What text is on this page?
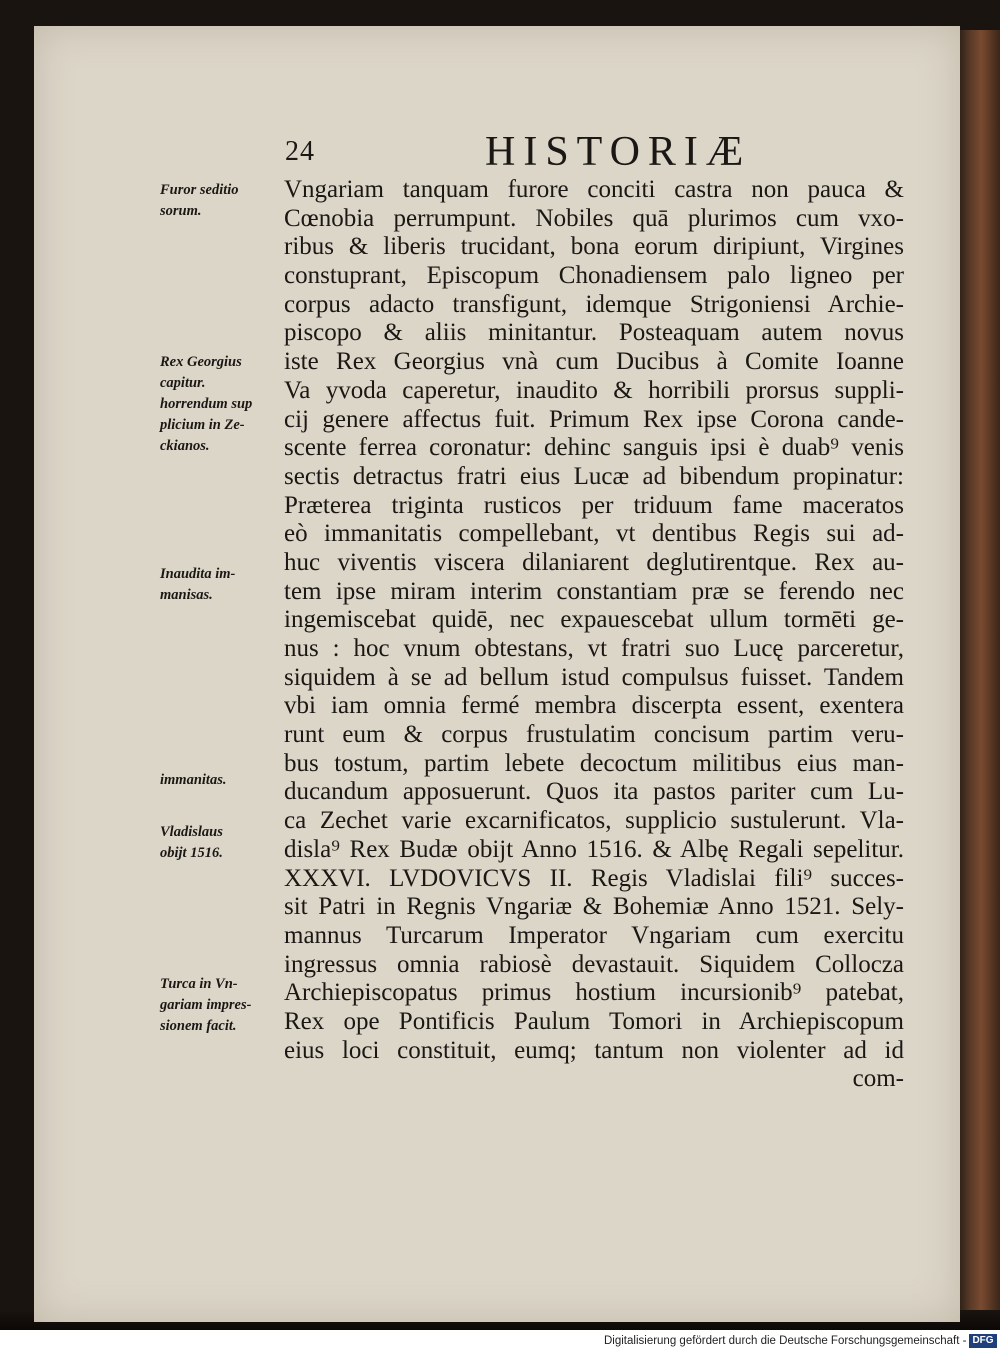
24	HISTORIÆ
Furor seditio
sorum.
Rex Georgius
capitur.
horrendum sup
plicium in Ze-
ckianos.
Inaudita im-
manisas.
immanitas.
Vladislaus
obijt 1516.
Turca in Vn-
gariam impres-
sionem facit.
Vngariam tanquam furore conciti castra non pauca &
Cœnobia perrumpunt. Nobiles quā plurimos cum vxo-
ribus & liberis trucidant, bona eorum diripiunt, Virgines
constuprant, Episcopum Chonadiensem palo ligneo per
corpus adacto transfigunt, idemque Strigoniensi Archie-
piscopo & aliis minitantur. Posteaquam autem novus
iste Rex Georgius vnà cum Ducibus à Comite Ioanne
Va yvoda caperetur, inaudito & horribili prorsus suppli-
cij genere affectus fuit. Primum Rex ipse Corona cande-
scente ferrea coronatur: dehinc sanguis ipsi è duab⁹ venis
sectis detractus fratri eius Lucæ ad bibendum propinatur:
Præterea triginta rusticos per triduum fame maceratos
eò immanitatis compellebant, vt dentibus Regis sui ad-
huc viventis viscera dilaniarent deglutirentque. Rex au-
tem ipse miram interim constantiam præ se ferendo nec
ingemiscebat quidē, nec expauescebat ullum tormēti ge-
nus : hoc vnum obtestans, vt fratri suo Lucę parceretur,
siquidem à se ad bellum istud compulsus fuisset. Tandem
vbi iam omnia fermé membra discerpta essent, exentera
runt eum & corpus frustulatim concisum partim veru-
bus tostum, partim lebete decoctum militibus eius man-
ducandum apposuerunt. Quos ita pastos pariter cum Lu-
ca Zechet varie excarnificatos, supplicio sustulerunt. Vla-
disla⁹ Rex Budæ obijt Anno 1516. & Albę Regali sepelitur.
XXXVI. LVDOVICVS II. Regis Vladislai fili⁹ succes-
sit Patri in Regnis Vngariæ & Bohemiæ Anno 1521. Sely-
mannus Turcarum Imperator Vngariam cum exercitu
ingressus omnia rabiosè devastauit. Siquidem Collocza
Archiepiscopatus primus hostium incursionib⁹ patebat,
Rex ope Pontificis Paulum Tomori in Archiepiscopum
eius loci constituit, eumq; tantum non violenter ad id
com-
Digitalisierung gefördert durch die Deutsche Forschungsgemeinschaft - DFG
